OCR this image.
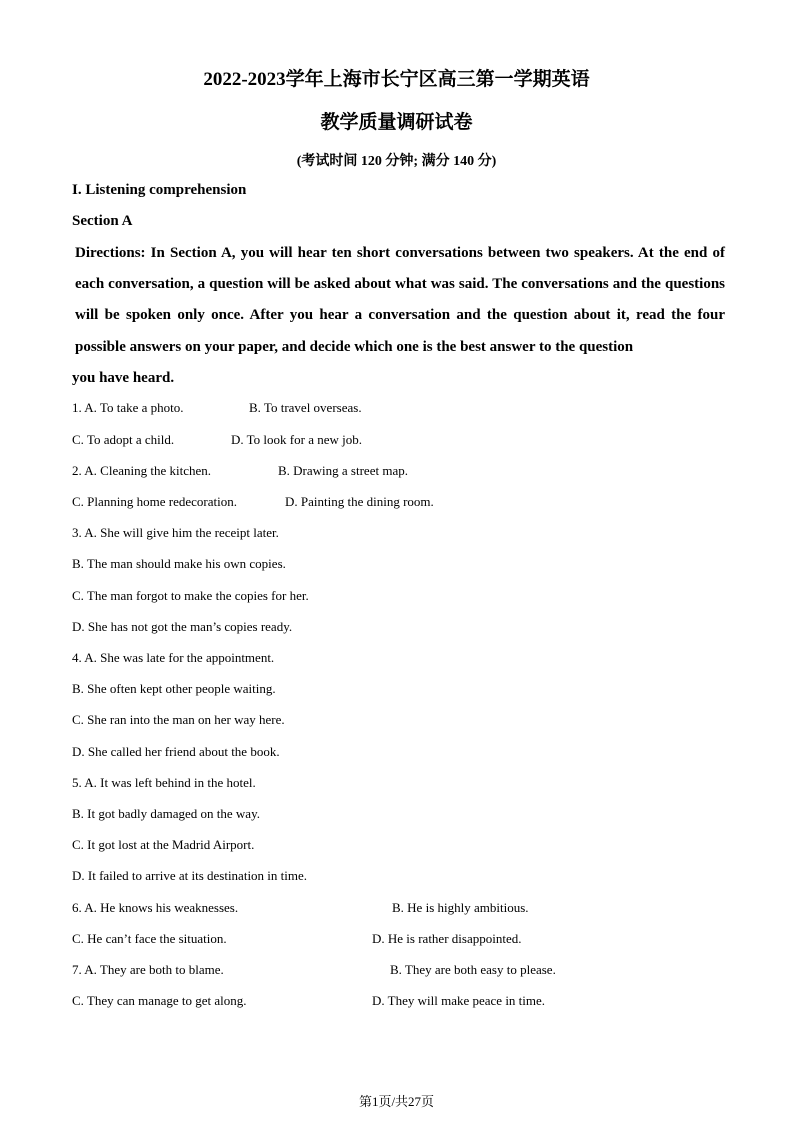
2022-2023学年上海市长宁区高三第一学期英语
教学质量调研试卷
(考试时间 120 分钟; 满分 140 分)
I. Listening comprehension
Section A
Directions: In Section A, you will hear ten short conversations between two speakers. At the end of each conversation, a question will be asked about what was said. The conversations and the questions will be spoken only once. After you hear a conversation and the question about it, read the four possible answers on your paper, and decide which one is the best answer to the question
you have heard.
1. A. To take a photo.	B. To travel overseas.
C. To adopt a child.	D. To look for a new job.
2. A. Cleaning the kitchen.	B. Drawing a street map.
C. Planning home redecoration.	D. Painting the dining room.
3. A. She will give him the receipt later.
B. The man should make his own copies.
C. The man forgot to make the copies for her.
D. She has not got the man’s copies ready.
4. A. She was late for the appointment.
B. She often kept other people waiting.
C. She ran into the man on her way here.
D. She called her friend about the book.
5. A. It was left behind in the hotel.
B. It got badly damaged on the way.
C. It got lost at the Madrid Airport.
D. It failed to arrive at its destination in time.
6. A. He knows his weaknesses.	B. He is highly ambitious.
C. He can’t face the situation.	D. He is rather disappointed.
7. A. They are both to blame.	B. They are both easy to please.
C. They can manage to get along.	D. They will make peace in time.
第1页/共27页
